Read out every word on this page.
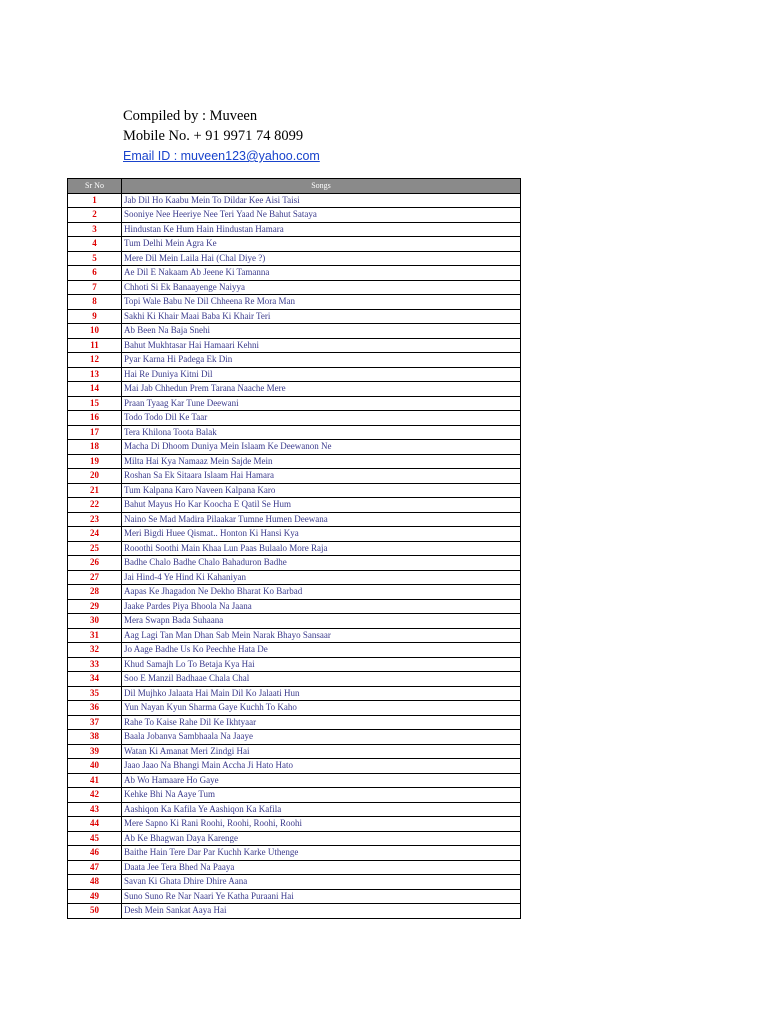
Compiled by : Muveen
Mobile No. + 91 9971 74 8099
Email ID : muveen123@yahoo.com
Sr No	Songs
1	Jab Dil Ho Kaabu Mein To Dildar Kee Aisi Taisi
2	Sooniye Nee Heeriye Nee Teri Yaad Ne Bahut Sataya
3	Hindustan Ke Hum Hain Hindustan Hamara
4	Tum Delhi Mein Agra Ke
5	Mere Dil Mein Laila Hai (Chal Diye ?)
6	Ae Dil E Nakaam Ab Jeene Ki Tamanna
7	Chhoti Si Ek Banaayenge Naiyya
8	Topi Wale Babu Ne Dil Chheena Re Mora Man
9	Sakhi Ki Khair Maai Baba Ki Khair Teri
10	Ab Been Na Baja Snehi
11	Bahut Mukhtasar Hai Hamaari Kehni
12	Pyar Karna Hi Padega Ek Din
13	Hai Re Duniya Kitni Dil
14	Mai Jab Chhedun Prem Tarana Naache Mere
15	Praan Tyaag Kar Tune Deewani
16	Todo Todo Dil Ke Taar
17	Tera Khilona Toota Balak
18	Macha Di Dhoom Duniya Mein Islaam Ke Deewanon Ne
19	Milta Hai Kya Namaaz Mein Sajde Mein
20	Roshan Sa Ek Sitaara Islaam Hai Hamara
21	Tum Kalpana Karo Naveen Kalpana Karo
22	Bahut Mayus Ho Kar Koocha E Qatil Se Hum
23	Naino Se Mad Madira Pilaakar Tumne Humen Deewana
24	Meri Bigdi Huee Qismat.. Honton Ki Hansi Kya
25	Rooothi Soothi Main Khaa Lun Paas Bulaalo More Raja
26	Badhe Chalo Badhe Chalo Bahaduron Badhe
27	Jai Hind-4 Ye Hind Ki Kahaniyan
28	Aapas Ke Jhagadon Ne Dekho Bharat Ko Barbad
29	Jaake Pardes Piya Bhoola Na Jaana
30	Mera Swapn Bada Suhaana
31	Aag Lagi Tan Man Dhan Sab Mein Narak Bhayo Sansaar
32	Jo Aage Badhe Us Ko Peechhe Hata De
33	Khud Samajh Lo To Betaja Kya Hai
34	Soo E Manzil Badhaae Chala Chal
35	Dil Mujhko Jalaata Hai Main Dil Ko Jalaati Hun
36	Yun Nayan Kyun Sharma Gaye Kuchh To Kaho
37	Rahe To Kaise Rahe Dil Ke Ikhtyaar
38	Baala Jobanva Sambhaala Na Jaaye
39	Watan Ki Amanat Meri Zindgi Hai
40	Jaao Jaao Na Bhangi Main Accha Ji Hato Hato
41	Ab Wo Hamaare Ho Gaye
42	Kehke Bhi Na Aaye Tum
43	Aashiqon Ka Kafila Ye Aashiqon Ka Kafila
44	Mere Sapno Ki Rani Roohi, Roohi, Roohi, Roohi
45	Ab Ke Bhagwan Daya Karenge
46	Baithe Hain Tere Dar Par Kuchh Karke Uthenge
47	Daata Jee Tera Bhed Na Paaya
48	Savan Ki Ghata Dhire Dhire Aana
49	Suno Suno Re Nar Naari Ye Katha Puraani Hai
50	Desh Mein Sankat Aaya Hai
